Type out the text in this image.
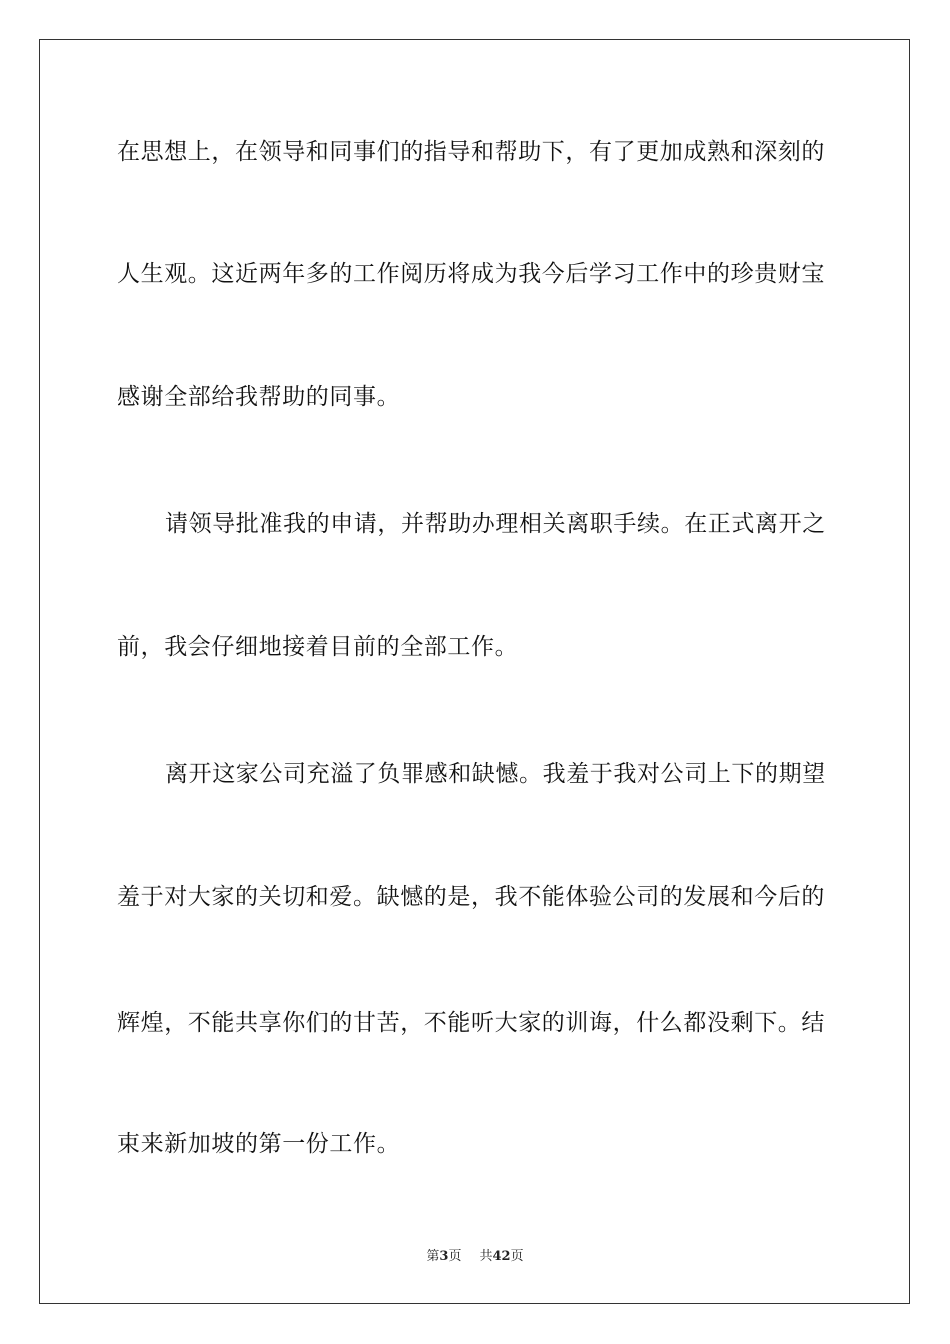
在思想上，在领导和同事们的指导和帮助下，有了更加成熟和深刻的
人生观。这近两年多的工作阅历将成为我今后学习工作中的珍贵财宝
感谢全部给我帮助的同事。
请领导批准我的申请，并帮助办理相关离职手续。在正式离开之
前，我会仔细地接着目前的全部工作。
离开这家公司充溢了负罪感和缺憾。我羞于我对公司上下的期望
羞于对大家的关切和爱。缺憾的是，我不能体验公司的发展和今后的
辉煌，不能共享你们的甘苦，不能听大家的训诲，什么都没剩下。结
束来新加坡的第一份工作。
第3页 共42页
